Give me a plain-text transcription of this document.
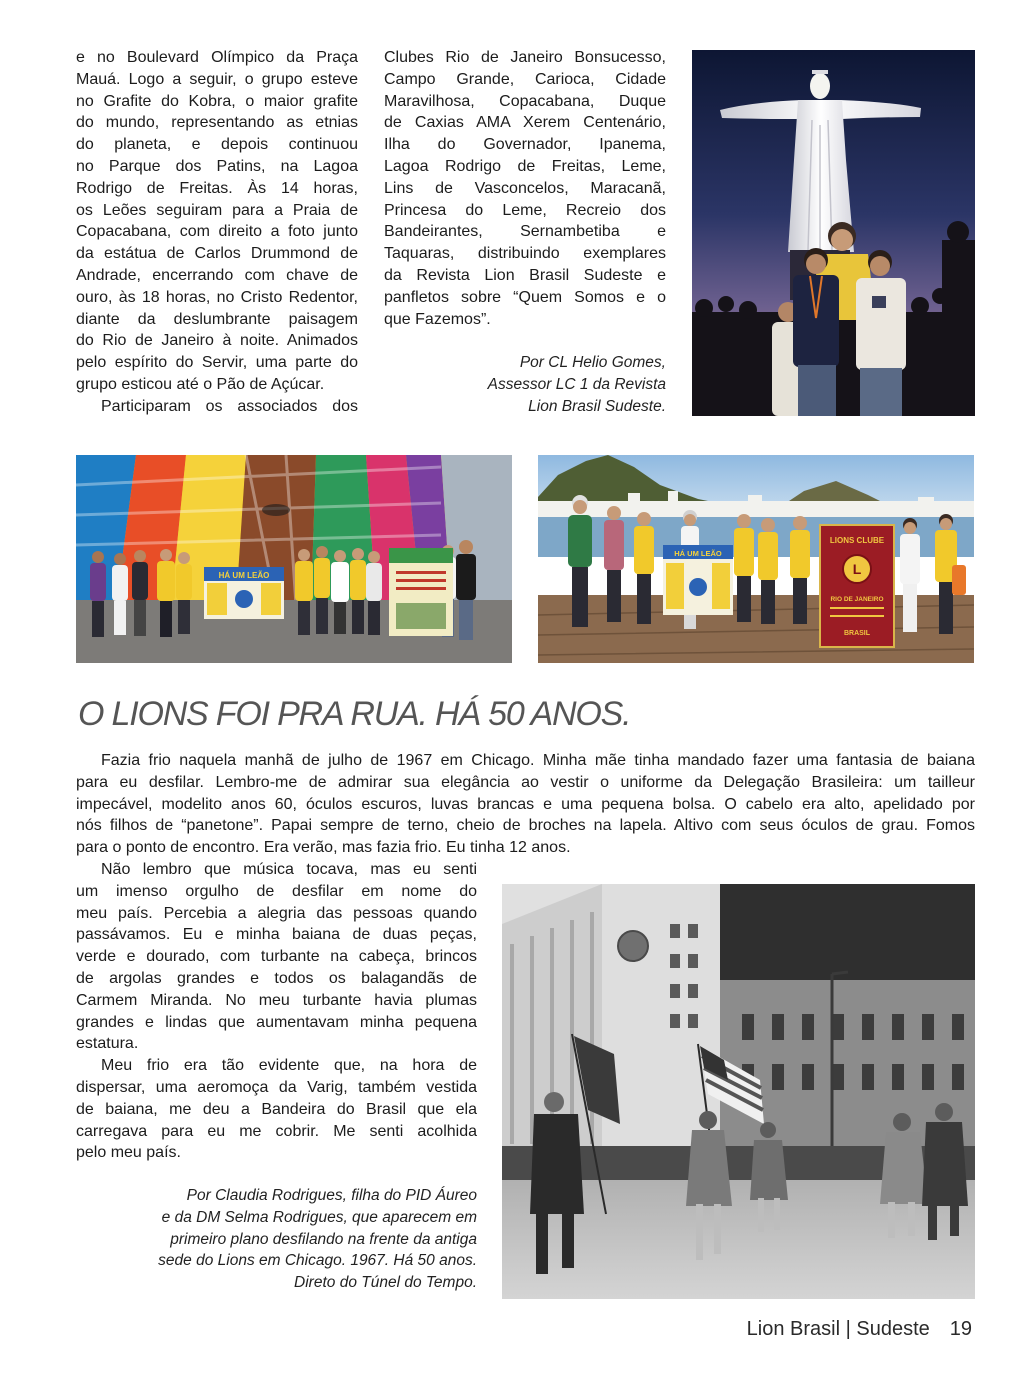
e no Boulevard Olímpico da Praça
Mauá. Logo a seguir, o grupo esteve
no Grafite do Kobra, o maior grafite
do mundo, representando as etnias
do planeta, e depois continuou
no Parque dos Patins, na Lagoa
Rodrigo de Freitas. Às 14 horas,
os Leões seguiram para a Praia de
Copacabana, com direito a foto junto
da estátua de Carlos Drummond de
Andrade, encerrando com chave de
ouro, às 18 horas, no Cristo Redentor,
diante da deslumbrante paisagem
do Rio de Janeiro à noite. Animados
pelo espírito do Servir, uma parte do
grupo esticou até o Pão de Açúcar.
Participaram os associados dos
Clubes Rio de Janeiro Bonsucesso,
Campo Grande, Carioca, Cidade
Maravilhosa, Copacabana, Duque
de Caxias AMA Xerem Centenário,
Ilha do Governador, Ipanema,
Lagoa Rodrigo de Freitas, Leme,
Lins de Vasconcelos, Maracanã,
Princesa do Leme, Recreio dos
Bandeirantes, Sernambetiba e
Taquaras, distribuindo exemplares
da Revista Lion Brasil Sudeste e
panfletos sobre “Quem Somos e o
que Fazemos”.
Por CL Helio Gomes,
Assessor LC 1 da Revista
Lion Brasil Sudeste.
HÁ UM LEÃO
HÁ UM LEÃO
LIONS CLUBE
L
RIO DE JANEIRO
BRASIL
O LIONS FOI PRA RUA. HÁ 50 ANOS.
Fazia frio naquela manhã de julho de 1967 em Chicago. Minha mãe tinha mandado fazer uma fantasia de baiana
para eu desfilar. Lembro-me de admirar sua elegância ao vestir o uniforme da Delegação Brasileira: um tailleur
impecável, modelito anos 60, óculos escuros, luvas brancas e uma pequena bolsa. O cabelo era alto, apelidado por
nós filhos de “panetone”. Papai sempre de terno, cheio de broches na lapela. Altivo com seus óculos de grau. Fomos
para o ponto de encontro. Era verão, mas fazia frio. Eu tinha 12 anos.
Não lembro que música tocava, mas eu senti
um imenso orgulho de desfilar em nome do
meu país. Percebia a alegria das pessoas quando
passávamos. Eu e minha baiana de duas peças,
verde e dourado, com turbante na cabeça, brincos
de argolas grandes e todos os balagandãs de
Carmem Miranda. No meu turbante havia plumas
grandes e lindas que aumentavam minha pequena
estatura.
Meu frio era tão evidente que, na hora de
dispersar, uma aeromoça da Varig, também vestida
de baiana, me deu a Bandeira do Brasil que ela
carregava para eu me cobrir. Me senti acolhida
pelo meu país.
Por Claudia Rodrigues, filha do PID Áureo
e da DM Selma Rodrigues, que aparecem em
primeiro plano desfilando na frente da antiga
sede do Lions em Chicago. 1967. Há 50 anos.
Direto do Túnel do Tempo.
Lion Brasil | Sudeste 19
